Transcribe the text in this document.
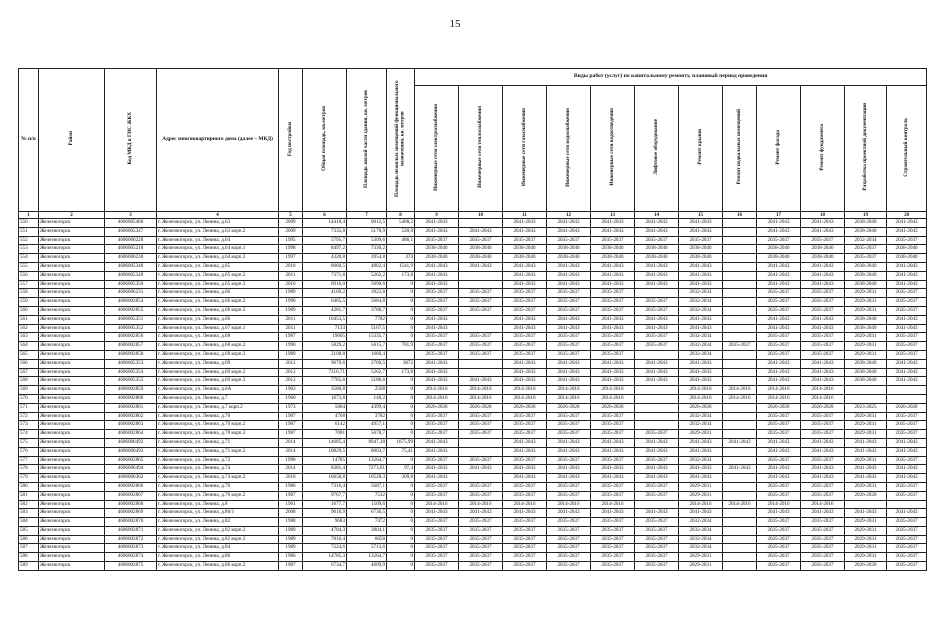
15
№ п/п	Район	Код МКД в ГИС ЖКХ	Адрес многоквартирного дома (далее – МКД)	Год постройки	Общая площадь, кв.метров	Площадь жилой части здания, кв. метров	Площадь нежилых помещений функционального назначения, кв. метров	Виды работ (услуг) по капитальному ремонту, плановый период проведения											
								Инженерные сети электроснабжения	Инженерные сети теплоснабжения	Инженерные сети газоснабжения	Инженерные сети водоснабжения	Инженерные сети водоотведения	Лифтовое оборудование	Ремонт крыши	Ремонт подвальных помещений	Ремонт фасада	Ремонт фундамента	Разработка проектной документации	Строительный контроль
1	2	3	4	5	6	7	8	9	10	11	12	13	14	15	16	17	18	19	20
550	Железногорск	4606005466	г. Железногорск, ул. Ленина, д.63	2009	14418,4	9012,5	5488,2	2041-2043		2041-2043	2041-2043	2041-2043	2041-2043	2041-2043		2041-2043	2041-2043	2038-2040	2041-2043
551	Железногорск	4606005347	г. Железногорск, ул. Ленина, д.63 корп.2	2009	7335,8	5178,9	520,8	2041-2043	2041-2043	2041-2043	2041-2043	2041-2043	2041-2043	2041-2043		2041-2043	2041-2043	2038-2040	2041-2043
552	Железногорск	4606006228	г. Железногорск, ул. Ленина, д.64	1995	5795,7	5309,6	486,1	2035-2037	2035-2037	2035-2037	2035-2037	2035-2037	2035-2037	2035-2037		2035-2037	2035-2037	2032-2034	2035-2037
553	Железногорск	4606005218	г. Железногорск, ул. Ленина, д.64 корп.1	1998	8497,2	7330,2		2038-2040	2038-2040	2038-2040	2038-2040	2038-2040	2038-2040	2038-2040		2038-2040	2038-2040	2035-2037	2038-2040
554	Железногорск	4606006230	г. Железногорск, ул. Ленина, д.64 корп.2	1997	4328,8	3954,8	374	2038-2040	2038-2040	2038-2040	2038-2040	2038-2040	2038-2040	2038-2040		2038-2040	2038-2040	2035-2037	2038-2040
555	Железногорск	4606005348	г. Железногорск, ул. Ленина, д.65	2010	8660,5	4882,4	1541,9	2041-2043	2041-2043	2041-2043	2041-2043	2041-2043	2041-2043	2041-2043		2041-2043	2041-2043	2038-2040	2041-2043
556	Железногорск	4606005349	г. Железногорск, ул. Ленина, д.65 корп.2	2011	7371,8	5262,2	173,8	2041-2043		2041-2043	2041-2043	2041-2043	2041-2043	2041-2043		2041-2043	2041-2043	2038-2040	2041-2043
557	Железногорск	4606005350	г. Железногорск, ул. Ленина, д.65 корп.3	2010	6916,0	5090,6	0	2041-2043		2041-2043	2041-2043	2041-2043	2041-2043	2041-2043		2041-2043	2041-2043	2038-2040	2041-2043
558	Железногорск	4606006231	г. Железногорск, ул. Ленина, д.66	1989	4169,2	3922,8	0	2035-2037	2035-2037	2035-2037	2035-2037	2035-2037		2032-2034		2035-2037	2035-2037	2029-2031	2035-2037
559	Железногорск	4606002854	г. Железногорск, ул. Ленина, д.66 корп.2	1990	6465,5	5684,8	0	2035-2037	2035-2037	2035-2037	2035-2037	2035-2037	2035-2037	2032-2034		2035-2037	2035-2037	2029-2031	2035-2037
560	Железногорск	4606002855	г. Железногорск, ул. Ленина, д.66 корп.3	1989	4281,7	3788,7	0	2035-2037	2035-2037	2035-2037	2035-2037	2035-2037	2035-2037	2032-2034		2035-2037	2035-2037	2029-2031	2035-2037
561	Железногорск	4606005351	г. Железногорск, ул. Ленина, д.66	2011	10453,5	7782	0	2041-2043		2041-2043	2041-2043	2041-2043	2041-2043	2041-2043		2041-2043	2041-2043	2038-2040	2041-2043
562	Железногорск	4606005352	г. Железногорск, ул. Ленина, д.67 корп.1	2011	7133	5167,5	0	2041-2043		2041-2043	2041-2043	2041-2043	2041-2043	2041-2043		2041-2043	2041-2043	2038-2040	2041-2043
563	Железногорск	4606002856	г. Железногорск, ул. Ленина, д.68	1987	19605	15335,7	0	2035-2037	2035-2037	2035-2037	2035-2037	2035-2037	2035-2037	2032-2034		2035-2037	2035-2037	2029-2031	2035-2037
564	Железногорск	4606002857	г. Железногорск, ул. Ленина, д.68 корп.2	1990	5829,2	5615,7	781,9	2035-2037	2035-2037	2035-2037	2035-2037	2035-2037	2035-2037	2032-2034	2035-2037	2035-2037	2035-2037	2029-2031	2035-2037
565	Железногорск	4606002858	г. Железногорск, ул. Ленина, д.68 корп.3	1989	2108,8	1660,4		2035-2037	2035-2037	2035-2037	2035-2037	2035-2037		2032-2034		2035-2037	2035-2037	2029-2031	2035-2037
566	Железногорск	4606005353	г. Железногорск, ул. Ленина, д.69	2012	9679,6	2769,5	3872	2041-2043		2041-2043	2041-2043	2041-2043	2041-2043	2041-2043		2041-2043	2041-2043	2038-2040	2041-2043
567	Железногорск	4606005354	г. Железногорск, ул. Ленина, д.69 корп.2	2012	7316,71	5262,7	173,8	2041-2043		2041-2043	2041-2043	2041-2043	2041-2043	2041-2043		2041-2043	2041-2043	2038-2040	2041-2043
568	Железногорск	4606005355	г. Железногорск, ул. Ленина, д.69 корп.3	2012	7785,6	5186,6	0	2041-2043	2041-2043	2041-2043	2041-2043	2041-2043	2041-2043	2041-2043		2041-2043	2041-2043	2038-2040	2041-2043
569	Железногорск	4606002859	г. Железногорск, ул. Ленина, д.6А	1963	3580,8	2568	0	2014-2016	2014-2016	2014-2016	2014-2016	2014-2016		2014-2016	2014-2016	2014-2016	2014-2016		
570	Железногорск	4606002860	г. Железногорск, ул. Ленина, д.7	1960	1673,8	148,2	0	2014-2016	2014-2016	2014-2016	2014-2016	2014-2016		2014-2016	2014-2016	2014-2016	2014-2016		
571	Железногорск	4606002861	г. Железногорск, ул. Ленина, д.7 корп.2	1973	5864	4399,4	0	2026-2028	2026-2028	2026-2028	2026-2028	2026-2028		2026-2028		2026-2028	2026-2028	2023-2025	2026-2028
572	Железногорск	4606002862	г. Железногорск, ул. Ленина, д.70	1987	4768	3782	0	2035-2037	2035-2037	2035-2037	2035-2037	2035-2037		2032-2034		2035-2037	2035-2037	2029-2031	2035-2037
573	Железногорск	4606002863	г. Железногорск, ул. Ленина, д.70 корп.2	1987	6142	4957,1	0	2035-2037	2035-2037	2035-2037	2035-2037	2035-2037		2032-2034		2035-2037	2035-2037	2029-2031	2035-2037
574	Железногорск	4606002864	г. Железногорск, ул. Ленина, д.70 корп.3	1987	7081	5678,7	0	2035-2037	2035-2037	2035-2037	2035-2037	2035-2037	2035-2037	2029-2031		2035-2037	2035-2037	2029-2031	2035-2037
575	Железногорск	4606006492	г. Железногорск, ул. Ленина, д.71	2014	14685,4	8947,38	1675,99	2041-2043		2041-2043	2041-2043	2041-2043	2041-2043	2041-2043	2041-2043	2041-2043	2041-2043	2041-2043	2041-2043
576	Железногорск	4606006493	г. Железногорск, ул. Ленина, д.71 корп.2	2014	10829,5	8003,7	75,41	2041-2043		2041-2043	2041-2043	2041-2043	2041-2043	2041-2043		2041-2043	2041-2043	2041-2043	2041-2043
577	Железногорск	4606002865	г. Железногорск, ул. Ленина, д.72	1990	14785	13264,7	0	2035-2037	2035-2037	2035-2037	2035-2037	2035-2037	2035-2037	2032-2034		2035-2037	2035-2037	2029-2031	2035-2037
578	Железногорск	4606006494	г. Железногорск, ул. Ленина, д.74	2014	8381,4	7273,01	97,4	2041-2043	2041-2043	2041-2043	2041-2043	2041-2043	2041-2043	2041-2043	2041-2043	2041-2043	2041-2043	2041-2043	2041-2043
579	Железногорск	4606006362	г. Железногорск, ул. Ленина, д.74 корп.2	2018	16658,8	10528,3	309,8	2041-2043		2041-2043	2041-2043	2041-2043	2041-2043	2041-2043		2041-2043	2041-2043	2041-2043	2041-2043
580	Железногорск	4606002866	г. Железногорск, ул. Ленина, д.76	1986	7316,4	5687,1	0	2035-2037	2035-2037	2035-2037	2035-2037	2035-2037	2035-2037	2029-2031		2035-2037	2035-2037	2029-2031	2035-2037
581	Железногорск	4606002867	г. Железногорск, ул. Ленина, д.76 корп.2	1987	9767,7	7532	0	2035-2037	2035-2037	2035-2037	2035-2037	2035-2037	2035-2037	2029-2031		2035-2037	2035-2037	2026-2028	2035-2037
582	Железногорск	4606002868	г. Железногорск, ул. Ленина, д.8	1961	1677,7	1509,6	0	2014-2016	2014-2016	2014-2016	2014-2016	2014-2016		2014-2016	2014-2016	2014-2016	2014-2016		
583	Железногорск	4606002869	г. Железногорск, ул. Ленина, д.80/1	2008	9618,9	6736,5	0	2041-2043	2041-2043	2041-2043	2041-2043	2041-2043	2041-2043	2041-2043		2041-2043	2041-2043	2041-2043	2041-2043
584	Железногорск	4606002870	г. Железногорск, ул. Ленина, д.82	1988	9683	7472	0	2035-2037	2035-2037	2035-2037	2035-2037	2035-2037	2035-2037	2032-2034		2035-2037	2035-2037	2029-2031	2035-2037
585	Железногорск	4606002871	г. Железногорск, ул. Ленина, д.82 корп.2	1989	4784,3	3804,1	0	2035-2037	2035-2037	2035-2037	2035-2037	2035-2037	2035-2037	2032-2034		2035-2037	2035-2037	2029-2031	2035-2037
586	Железногорск	4606002872	г. Железногорск, ул. Ленина, д.82 корп.3	1989	7816,4	6658	0	2035-2037	2035-2037	2035-2037	2035-2037	2035-2037	2035-2037	2032-2034		2035-2037	2035-2037	2029-2031	2035-2037
587	Железногорск	4606002873	г. Железногорск, ул. Ленина, д.84	1989	7224,6	5713,6	0	2035-2037	2035-2037	2035-2037	2035-2037	2035-2037	2035-2037	2032-2034		2035-2037	2035-2037	2029-2031	2035-2037
588	Железногорск	4606002874	г. Железногорск, ул. Ленина, д.86	1986	14785,3	13264,7	0	2035-2037	2035-2037	2035-2037	2035-2037	2035-2037	2035-2037	2029-2031		2035-2037	2035-2037	2029-2031	2035-2037
589	Железногорск	4606002875	г. Железногорск, ул. Ленина, д.86 корп.2	1987	6734,7	4609,9	0	2035-2037	2035-2037	2035-2037	2035-2037	2035-2037	2035-2037	2029-2031		2035-2037	2035-2037	2026-2028	2035-2037
